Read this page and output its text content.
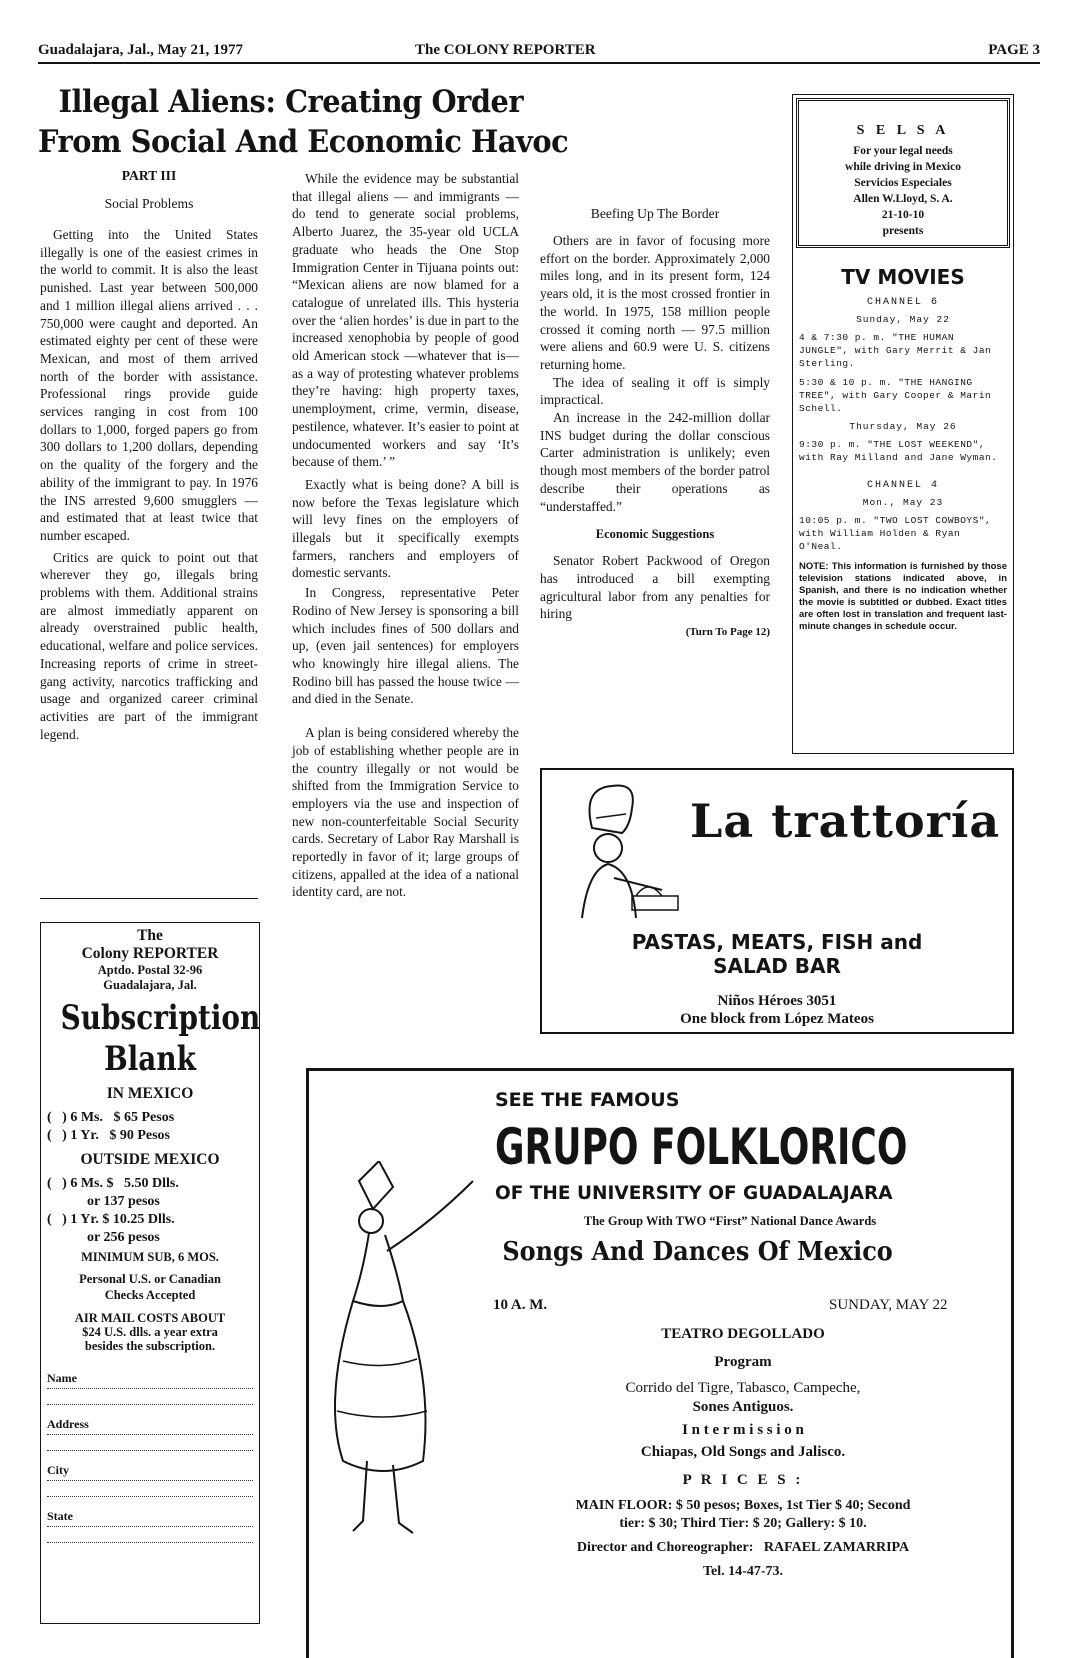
Guadalajara, Jal., May 21, 1977	The COLONY REPORTER	PAGE 3
Illegal Aliens: Creating Order
From Social And Economic Havoc
PART III
Social Problems

Getting into the United States illegally is one of the easiest crimes in the world to commit. It is also the least punished. Last year between 500,000 and 1 million illegal aliens arrived . . . 750,000 were caught and deported. An estimated eighty per cent of these were Mexican, and most of them arrived north of the border with assistance. Professional rings provide guide services ranging in cost from 100 dollars to 1,000, forged papers go from 300 dollars to 1,200 dollars, depending on the quality of the forgery and the ability of the immigrant to pay. In 1976 the INS arrested 9,600 smugglers — and estimated that at least twice that number escaped.

Critics are quick to point out that wherever they go, illegals bring problems with them. Additional strains are almost immediatly apparent on already overstrained public health, educational, welfare and police services. Increasing reports of crime in street-gang activity, narcotics trafficking and usage and organized career criminal activities are part of the immigrant legend.

The
Colony REPORTER
Aptdo. Postal 32-96
Guadalajara, Jal.
Subscription
Blank
IN MEXICO
(   ) 6 Ms.   $ 65 Pesos
(   ) 1 Yr.   $ 90 Pesos
OUTSIDE MEXICO
(   ) 6 Ms. $   5.50 Dlls.
or 137 pesos
(   ) 1 Yr. $ 10.25 Dlls.
or 256 pesos
MINIMUM SUB, 6 MOS.
Personal U.S. or Canadian
Checks Accepted
AIR MAIL COSTS ABOUT
$24 U.S. dlls. a year extra
besides the subscription.
Name
Address
City
State

While the evidence may be substantial that illegal aliens — and immigrants — do tend to generate social problems, Alberto Juarez, the 35-year old UCLA graduate who heads the One Stop Immigration Center in Tijuana points out: “Mexican aliens are now blamed for a catalogue of unrelated ills. This hysteria over the ‘alien hordes’ is due in part to the increased xenophobia by people of good old American stock —whatever that is— as a way of protesting whatever problems they’re having: high property taxes, unemployment, crime, vermin, disease, pestilence, whatever. It’s easier to point at undocumented workers and say ‘It’s because of them.’ ”

Exactly what is being done? A bill is now before the Texas legislature which will levy fines on the employers of illegals but it specifically exempts farmers, ranchers and employers of domestic servants.

In Congress, representative Peter Rodino of New Jersey is sponsoring a bill which includes fines of 500 dollars and up, (even jail sentences) for employers who knowingly hire illegal aliens. The Rodino bill has passed the house twice — and died in the Senate.

A plan is being considered whereby the job of establishing whether people are in the country illegally or not would be shifted from the Immigration Service to employers via the use and inspection of new non-counterfeitable Social Security cards. Secretary of Labor Ray Marshall is reportedly in favor of it; large groups of citizens, appalled at the idea of a national identity card, are not.

Beefing Up The Border

Others are in favor of focusing more effort on the border. Approximately 2,000 miles long, and in its present form, 124 years old, it is the most crossed frontier in the world. In 1975, 158 million people crossed it coming north — 97.5 million were aliens and 60.9 were U. S. citizens returning home.

The idea of sealing it off is simply impractical.

An increase in the 242-million dollar INS budget during the dollar conscious Carter administration is unlikely; even though most members of the border patrol describe their operations as “understaffed.”

Economic Suggestions

Senator Robert Packwood of Oregon has introduced a bill exempting agricultural labor from any penalties for hiring

(Turn To Page 12)
S E L S A
For your legal needs
while driving in Mexico
Servicios Especiales
Allen W.Lloyd, S. A.
21-10-10
presents
TV MOVIES
CHANNEL 6
Sunday, May 22

4 & 7:30 p. m. "THE HUMAN JUNGLE", with Gary Merrit & Jan Sterling.

5:30 & 10 p. m. "THE HANGING TREE", with Gary Cooper & Marin Schell.

Thursday, May 26

9:30 p. m. "THE LOST WEEKEND", with Ray Milland and Jane Wyman.

CHANNEL 4
Mon., May 23

10:05 p. m. "TWO LOST COWBOYS", with William Holden & Ryan O'Neal.

NOTE: This information is furnished by those television stations indicated above, in Spanish, and there is no indication whether the movie is subtitled or dubbed. Exact titles are often lost in translation and frequent last-minute changes in schedule occur.

La trattoría
PASTAS, MEATS, FISH and
SALAD BAR
Niños Héroes 3051
One block from López Mateos
SEE THE FAMOUS
GRUPO FOLKLORICO
OF THE UNIVERSITY OF GUADALAJARA
The Group With TWO “First” National Dance Awards
Songs And Dances Of Mexico
10 A. M.	SUNDAY, MAY 22
TEATRO DEGOLLADO
Program
Corrido del Tigre, Tabasco, Campeche,
Sones Antiguos.
I n t e r m i s s i o n
Chiapas, Old Songs and Jalisco.
P R I C E S :
MAIN FLOOR: $ 50 pesos; Boxes, 1st Tier $ 40; Second
tier: $ 30; Third Tier: $ 20; Gallery: $ 10.
Director and Choreographer:   RAFAEL ZAMARRIPA
Tel. 14-47-73.
